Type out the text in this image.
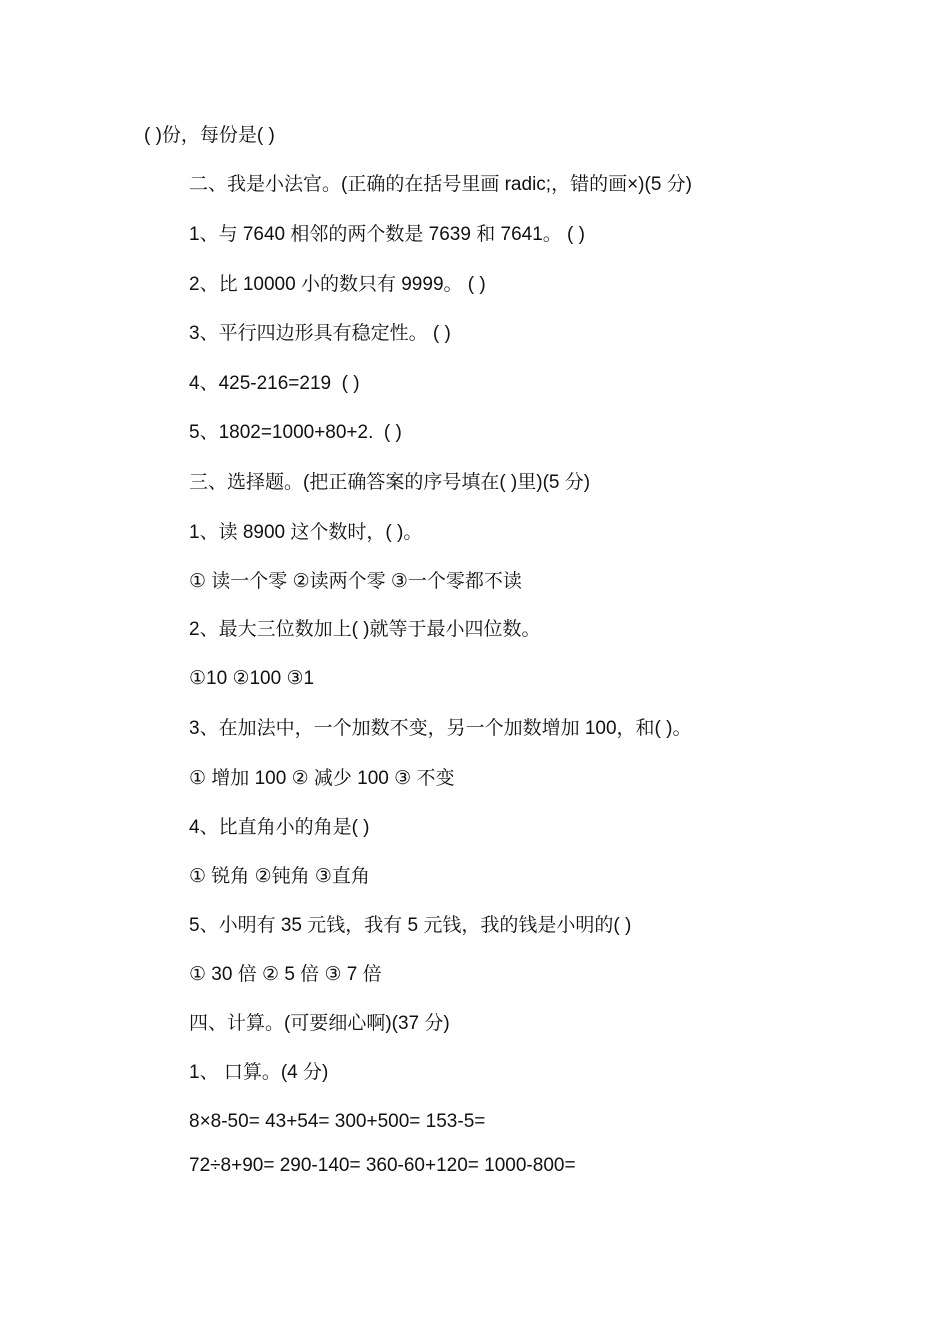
( )份，每份是( )
二、我是小法官。(正确的在括号里画 radic;，错的画×)(5 分)
1、与 7640 相邻的两个数是 7639 和 7641。 ( )
2、比 10000 小的数只有 9999。 ( )
3、平行四边形具有稳定性。 ( )
4、425-216=219  ( )
5、1802=1000+80+2.  ( )
三、选择题。(把正确答案的序号填在( )里)(5 分)
1、读 8900 这个数时，( )。
① 读一个零 ②读两个零 ③一个零都不读
2、最大三位数加上( )就等于最小四位数。
①10 ②100 ③1
3、在加法中，一个加数不变，另一个加数增加 100，和( )。
① 增加 100 ② 减少 100 ③ 不变
4、比直角小的角是( )
① 锐角 ②钝角 ③直角
5、小明有 35 元钱，我有 5 元钱，我的钱是小明的( )
① 30 倍 ② 5 倍 ③ 7 倍
四、计算。(可要细心啊)(37 分)
1、 口算。(4 分)
8×8-50= 43+54= 300+500= 153-5=
72÷8+90= 290-140= 360-60+120= 1000-800=
